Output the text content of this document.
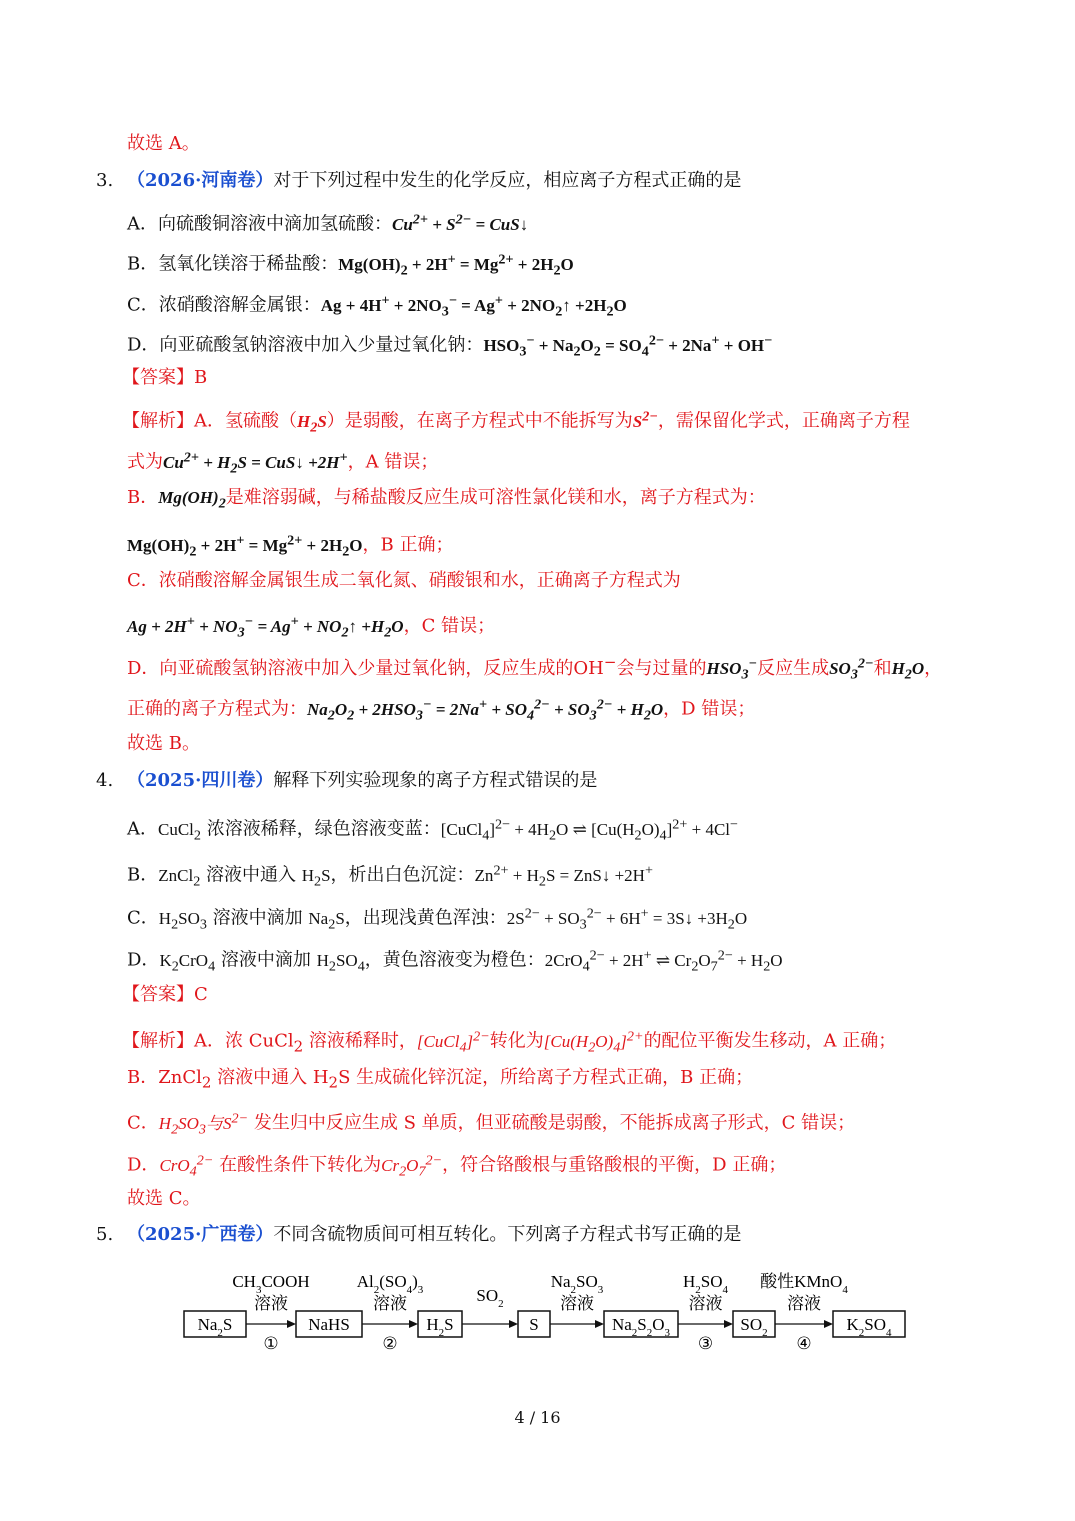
故选 A。
（2026·河南卷）对于下列过程中发生的化学反应，相应离子方程式正确的是
A．向硫酸铜溶液中滴加氢硫酸：$Cu^{2+} + S^{2-}$ = CuS↓
B．氢氧化镁溶于稀盐酸：$Mg(OH)_2 + 2H^+ = Mg^{2+} + 2H_2O$
C．浓硝酸溶解金属银：$Ag + 4H^+ + 2NO_3^- = Ag^+$ + $2NO_2↑ +2H_2O$
D．向亚硫酸氢钠溶液中加入少量过氧化钠：$HSO_3^- + Na_2O_2 = SO_4^{2-} + 2Na^+ + OH^-$
【答案】B
【解析】A．氢硫酸$(H_2S)$是弱酸，在离子方程式中不能拆写为$S^{2-}$，需保留化学式，正确离子方程
式为$Cu^{2+} + H_2S$ = CuS↓ +2H+，A 错误；
B．$Mg(OH)_2$是难溶弱碱，与稀盐酸反应生成可溶性氯化镁和水，离子方程式为：
$Mg(OH)_2 + 2H^+ = Mg^{2+} + 2H_2O$，B 正确；
C．浓硝酸溶解金属银生成二氧化氮、硝酸银和水，正确离子方程式为
$Ag + 2H^+ + NO_3^- = Ag^+$ + $NO_2↑ +H_2O$，C 错误；
D．向亚硫酸氢钠溶液中加入少量过氧化钠，反应生成的OH−会与过量的$HSO_3^-$反应生成$SO_3^{2-}$和$H_2O$，
正确的离子方程式为：$Na_2O_2 + 2HSO_3^- = 2Na^+ + SO_4^{2-} + SO_3^{2-} + H_2O$，D 错误；
故选 B。
（2025·四川卷）解释下列实验现象的离子方程式错误的是
A．CuCl$_2$ 浓溶液稀释，绿色溶液变蓝：[CuCl$_4$]$^{2-}$ + $4H_2O$ ⇌ $[Cu(H_2O)_4]^{2+} + 4Cl^-$
B．ZnCl$_2$ 溶液中通入 $H_2S$，析出白色沉淀：$Zn^{2+} + H_2S$ = ZnS↓ +2H+
C．$H_2SO_3$ 溶液中滴加 $Na_2S$，出现浅黄色浑浊：$2S^{2-} + SO_3^{2-} + 6H^+$ = 3S↓ $+3H_2O$
D．$K_2CrO_4$ 溶液中滴加 $H_2SO_4$，黄色溶液变为橙色：2CrO$_4^{2-}$ + 2H+ ⇌ $Cr_2O_7^{2-} + H_2O$
【答案】C
【解析】A．浓 CuCl$_2$ 溶液稀释时，[CuCl$_4$]$^{2-}$转化为$[Cu(H_2O)_4]^{2+}$的配位平衡发生移动，A 正确；
B．ZnCl$_2$ 溶液中通入 $H_2S$ 生成硫化锌沉淀，所给离子方程式正确，B 正确；
C．$H_2SO_3$与$S^{2-}$ 发生归中反应生成 S 单质，但亚硫酸是弱酸，不能拆成离子形式，C 错误；
D．CrO$_4^{2-}$ 在酸性条件下转化为$Cr_2O_7^{2-}$，符合铬酸根与重铬酸根的平衡，D 正确；
故选 C。
（2025·广西卷）不同含硫物质间可相互转化。下列离子方程式书写正确的是
3.
4.
5.
$Na_2S$	NaHS	$H_2S$	S	$Na_2S_2O_3$	$SO_2$	$K_2SO_4$
$CH_3COOH$
溶液
①
$Al_2(SO_4)_3$
溶液
②
$SO_2$
$Na_2SO_3$
溶液
$H_2SO_4$
溶液
③
酸性KMnO$_4$
溶液
④
4 / 16
